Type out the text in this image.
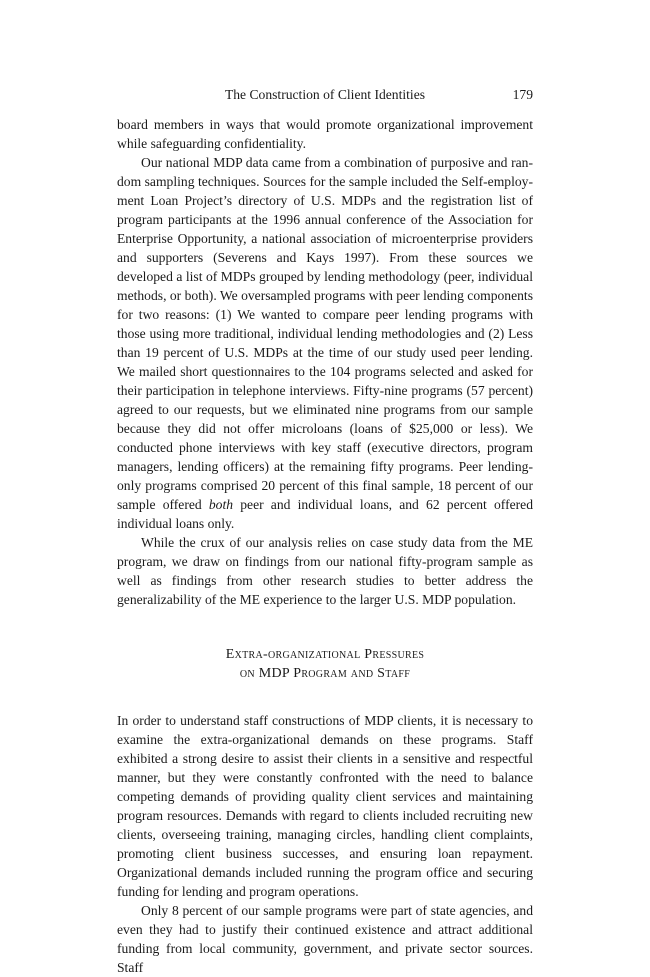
The Construction of Client Identities	179

board members in ways that would promote organizational improvement while safeguarding confidentiality.

Our national MDP data came from a combination of purposive and random sampling techniques. Sources for the sample included the Self-employment Loan Project’s directory of U.S. MDPs and the registration list of program participants at the 1996 annual conference of the Association for Enterprise Opportunity, a national association of microenterprise providers and supporters (Severens and Kays 1997). From these sources we developed a list of MDPs grouped by lending methodology (peer, individual methods, or both). We oversampled programs with peer lending components for two reasons: (1) We wanted to compare peer lending programs with those using more traditional, individual lending methodologies and (2) Less than 19 percent of U.S. MDPs at the time of our study used peer lending. We mailed short questionnaires to the 104 programs selected and asked for their participation in telephone interviews. Fifty-nine programs (57 percent) agreed to our requests, but we eliminated nine programs from our sample because they did not offer microloans (loans of $25,000 or less). We conducted phone interviews with key staff (executive directors, program managers, lending officers) at the remaining fifty programs. Peer lending-only programs comprised 20 percent of this final sample, 18 percent of our sample offered both peer and individual loans, and 62 percent offered individual loans only.

While the crux of our analysis relies on case study data from the ME program, we draw on findings from our national fifty-program sample as well as findings from other research studies to better address the generalizability of the ME experience to the larger U.S. MDP population.

Extra-organizational Pressures
on MDP Program and Staff

In order to understand staff constructions of MDP clients, it is necessary to examine the extra-organizational demands on these programs. Staff exhibited a strong desire to assist their clients in a sensitive and respectful manner, but they were constantly confronted with the need to balance competing demands of providing quality client services and maintaining program resources. Demands with regard to clients included recruiting new clients, overseeing training, managing circles, handling client complaints, promoting client business successes, and ensuring loan repayment. Organizational demands included running the program office and securing funding for lending and program operations.

Only 8 percent of our sample programs were part of state agencies, and even they had to justify their continued existence and attract additional funding from local community, government, and private sector sources. Staff
